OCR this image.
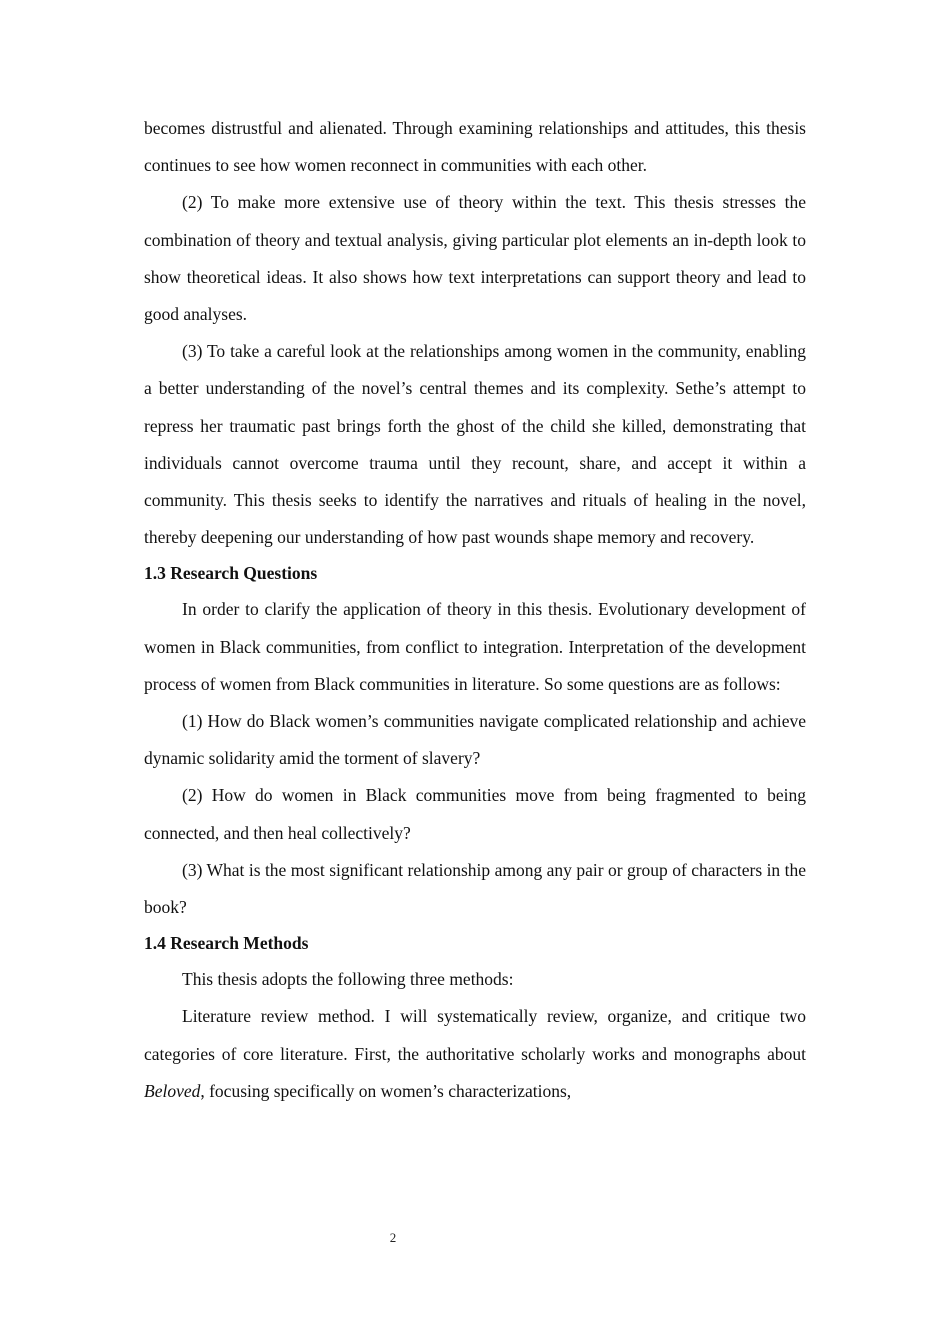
becomes distrustful and alienated. Through examining relationships and attitudes, this thesis continues to see how women reconnect in communities with each other.

(2) To make more extensive use of theory within the text. This thesis stresses the combination of theory and textual analysis, giving particular plot elements an in-depth look to show theoretical ideas. It also shows how text interpretations can support theory and lead to good analyses.

(3) To take a careful look at the relationships among women in the community, enabling a better understanding of the novel’s central themes and its complexity. Sethe’s attempt to repress her traumatic past brings forth the ghost of the child she killed, demonstrating that individuals cannot overcome trauma until they recount, share, and accept it within a community. This thesis seeks to identify the narratives and rituals of healing in the novel, thereby deepening our understanding of how past wounds shape memory and recovery.

1.3 Research Questions

In order to clarify the application of theory in this thesis. Evolutionary development of women in Black communities, from conflict to integration. Interpretation of the development process of women from Black communities in literature. So some questions are as follows:

(1) How do Black women’s communities navigate complicated relationship and achieve dynamic solidarity amid the torment of slavery?

(2) How do women in Black communities move from being fragmented to being connected, and then heal collectively?

(3) What is the most significant relationship among any pair or group of characters in the book?

1.4 Research Methods

This thesis adopts the following three methods:

Literature review method. I will systematically review, organize, and critique two categories of core literature. First, the authoritative scholarly works and monographs about Beloved, focusing specifically on women’s characterizations,

2
